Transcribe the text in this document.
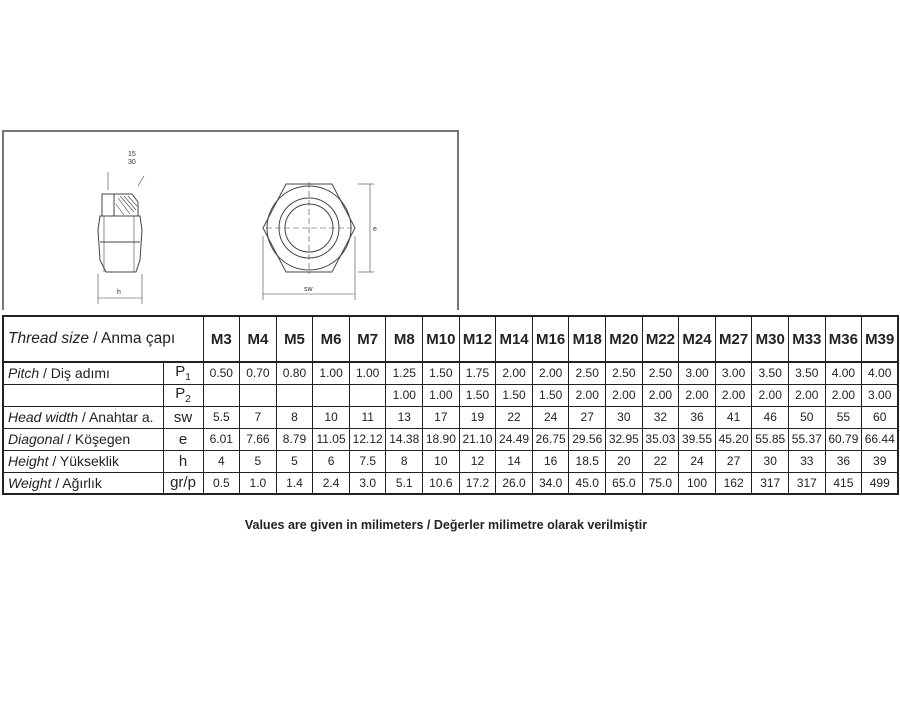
15
30
h	sw
e
Thread size / Anma çapı		M3	M4	M5	M6	M7	M8	M10	M12	M14	M16	M18	M20	M22	M24	M27	M30	M33	M36	M39
Pitch / Diş adımı	$P_1$	0.50	0.70	0.80	1.00	1.00	1.25	1.50	1.75	2.00	2.00	2.50	2.50	2.50	3.00	3.00	3.50	3.50	4.00	4.00
	$P_2$						1.00	1.00	1.50	1.50	1.50	2.00	2.00	2.00	2.00	2.00	2.00	2.00	2.00	3.00
Head width / Anahtar a.	sw	5.5	7	8	10	11	13	17	19	22	24	27	30	32	36	41	46	50	55	60
Diagonal / Köşegen	e	6.01	7.66	8.79	11.05	12.12	14.38	18.90	21.10	24.49	26.75	29.56	32.95	35.03	39.55	45.20	55.85	55.37	60.79	66.44
Height / Yükseklik	h	4	5	5	6	7.5	8	10	12	14	16	18.5	20	22	24	27	30	33	36	39
Weight / Ağırlık	gr/p	0.5	1.0	1.4	2.4	3.0	5.1	10.6	17.2	26.0	34.0	45.0	65.0	75.0	100	162	317	317	415	499
Values are given in milimeters / Değerler milimetre olarak verilmiştir
